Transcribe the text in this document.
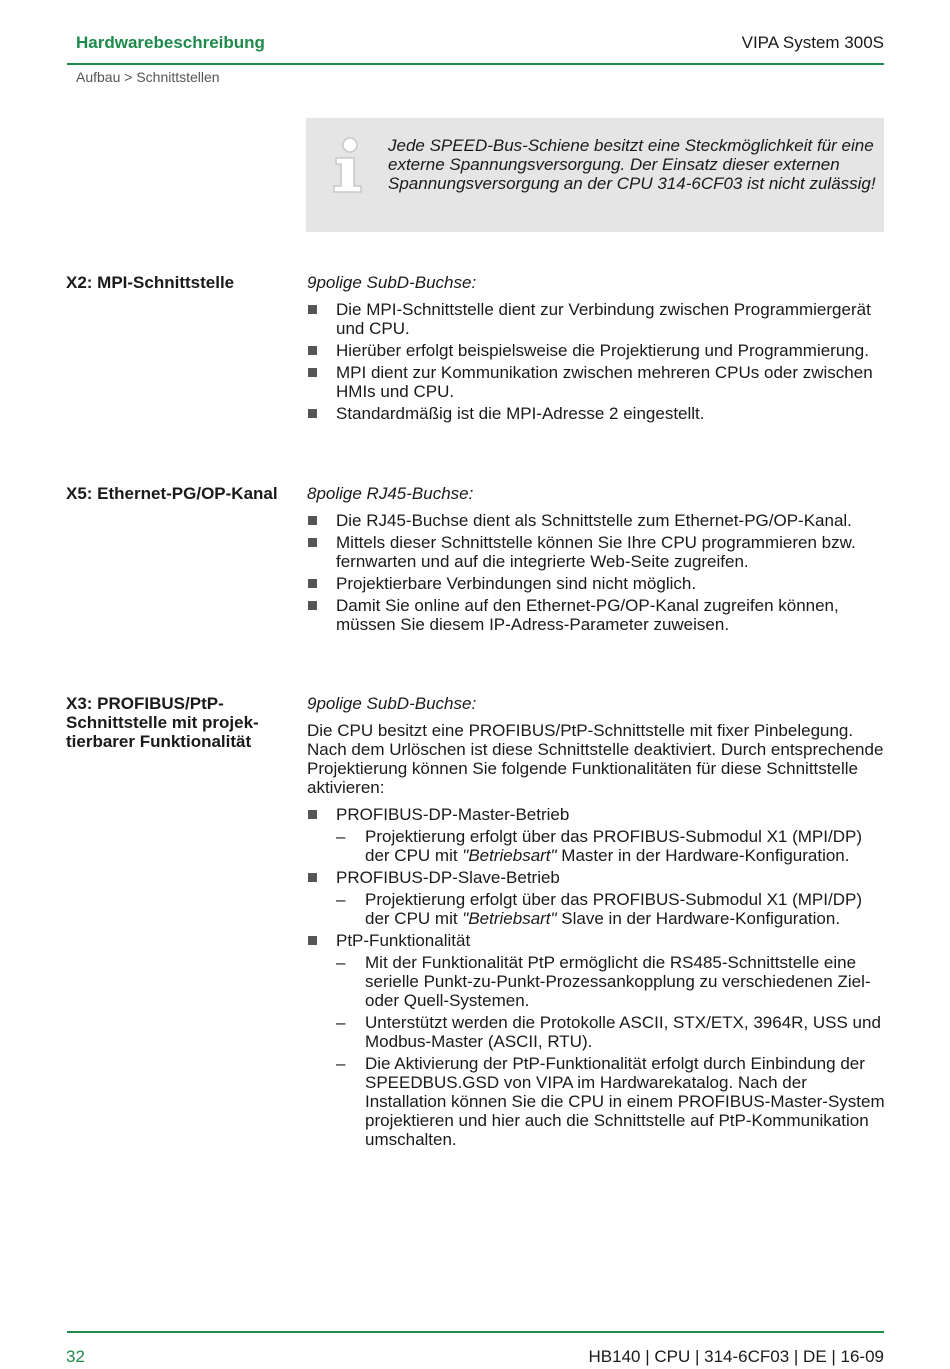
Hardwarebeschreibung	VIPA System 300S
Aufbau > Schnittstellen
Jede SPEED-Bus-Schiene besitzt eine Steckmöglichkeit für eine externe Spannungsversorgung. Der Einsatz dieser externen Spannungsversorgung an der CPU 314-6CF03 ist nicht zulässig!
X2: MPI-Schnittstelle	9polige SubD-Buchse:
Die MPI-Schnittstelle dient zur Verbindung zwischen Programmiergerät und CPU.
Hierüber erfolgt beispielsweise die Projektierung und Programmierung.
MPI dient zur Kommunikation zwischen mehreren CPUs oder zwischen HMIs und CPU.
Standardmäßig ist die MPI-Adresse 2 eingestellt.
X5: Ethernet-PG/OP-Kanal	8polige RJ45-Buchse:
Die RJ45-Buchse dient als Schnittstelle zum Ethernet-PG/OP-Kanal.
Mittels dieser Schnittstelle können Sie Ihre CPU programmieren bzw. fernwarten und auf die integrierte Web-Seite zugreifen.
Projektierbare Verbindungen sind nicht möglich.
Damit Sie online auf den Ethernet-PG/OP-Kanal zugreifen können, müssen Sie diesem IP-Adress-Parameter zuweisen.
X3: PROFIBUS/PtP-Schnittstelle mit projektierbarer Funktionalität
9polige SubD-Buchse:
Die CPU besitzt eine PROFIBUS/PtP-Schnittstelle mit fixer Pinbelegung. Nach dem Urlöschen ist diese Schnittstelle deaktiviert. Durch entsprechende Projektierung können Sie folgende Funktionalitäten für diese Schnittstelle aktivieren:
PROFIBUS-DP-Master-Betrieb
– Projektierung erfolgt über das PROFIBUS-Submodul X1 (MPI/DP) der CPU mit "Betriebsart" Master in der Hardware-Konfiguration.
PROFIBUS-DP-Slave-Betrieb
– Projektierung erfolgt über das PROFIBUS-Submodul X1 (MPI/DP) der CPU mit "Betriebsart" Slave in der Hardware-Konfiguration.
PtP-Funktionalität
– Mit der Funktionalität PtP ermöglicht die RS485-Schnittstelle eine serielle Punkt-zu-Punkt-Prozessankopplung zu verschiedenen Ziel- oder Quell-Systemen.
– Unterstützt werden die Protokolle ASCII, STX/ETX, 3964R, USS und Modbus-Master (ASCII, RTU).
– Die Aktivierung der PtP-Funktionalität erfolgt durch Einbindung der SPEEDBUS.GSD von VIPA im Hardwarekatalog. Nach der Installation können Sie die CPU in einem PROFIBUS-Master-System projektieren und hier auch die Schnittstelle auf PtP-Kommunikation umschalten.
32	HB140 | CPU | 314-6CF03 | DE | 16-09
